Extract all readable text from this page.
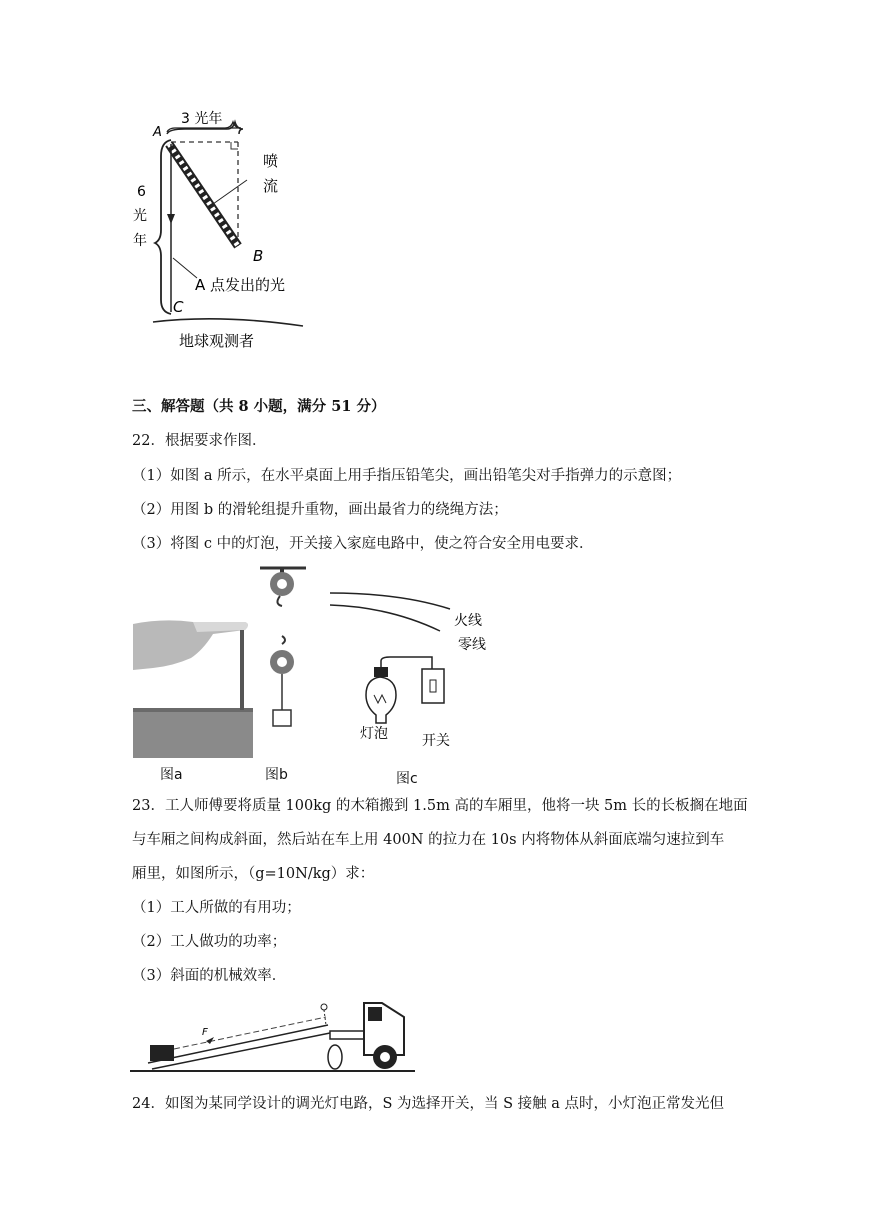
A
B
C
3 光年
6
光
年
喷
流
A 点发出的光
地球观测者
三、解答题（共 8 小题，满分 51 分）
22．根据要求作图．
（1）如图 a 所示，在水平桌面上用手指压铅笔尖，画出铅笔尖对手指弹力的示意图；
（2）用图 b 的滑轮组提升重物，画出最省力的绕绳方法；
（3）将图 c 中的灯泡，开关接入家庭电路中，使之符合安全用电要求．
图a	图b
火线
零线
灯泡 开关
图c
23．工人师傅要将质量 100kg 的木箱搬到 1.5m 高的车厢里，他将一块 5m 长的长板搁在地面
与车厢之间构成斜面，然后站在车上用 400N 的拉力在 10s 内将物体从斜面底端匀速拉到车
厢里，如图所示，（g=10N/kg）求：
（1）工人所做的有用功；
（2）工人做功的功率；
（3）斜面的机械效率．
F
24．如图为某同学设计的调光灯电路，S 为选择开关，当 S 接触 a 点时，小灯泡正常发光但
